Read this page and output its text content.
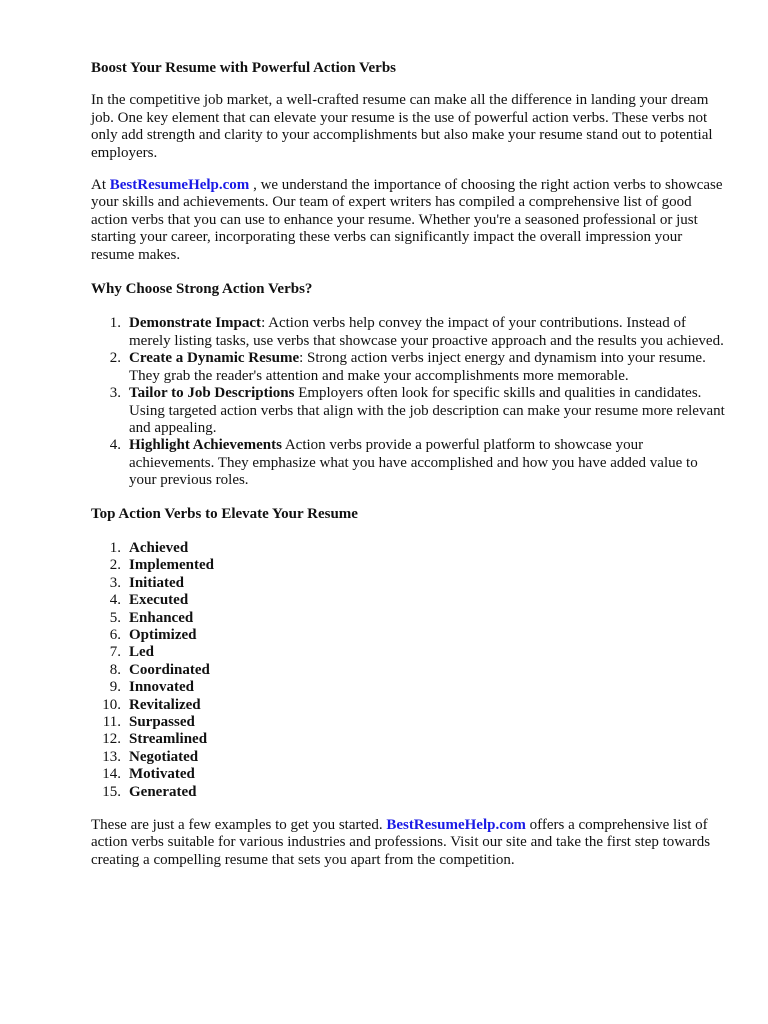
Boost Your Resume with Powerful Action Verbs

In the competitive job market, a well-crafted resume can make all the difference in landing your dream job. One key element that can elevate your resume is the use of powerful action verbs. These verbs not only add strength and clarity to your accomplishments but also make your resume stand out to potential employers.

At BestResumeHelp.com , we understand the importance of choosing the right action verbs to showcase your skills and achievements. Our team of expert writers has compiled a comprehensive list of good action verbs that you can use to enhance your resume. Whether you're a seasoned professional or just starting your career, incorporating these verbs can significantly impact the overall impression your resume makes.

Why Choose Strong Action Verbs?

1. Demonstrate Impact: Action verbs help convey the impact of your contributions. Instead of merely listing tasks, use verbs that showcase your proactive approach and the results you achieved.
2. Create a Dynamic Resume: Strong action verbs inject energy and dynamism into your resume. They grab the reader's attention and make your accomplishments more memorable.
3. Tailor to Job Descriptions Employers often look for specific skills and qualities in candidates. Using targeted action verbs that align with the job description can make your resume more relevant and appealing.
4. Highlight Achievements Action verbs provide a powerful platform to showcase your achievements. They emphasize what you have accomplished and how you have added value to your previous roles.

Top Action Verbs to Elevate Your Resume

1. Achieved
2. Implemented
3. Initiated
4. Executed
5. Enhanced
6. Optimized
7. Led
8. Coordinated
9. Innovated
10. Revitalized
11. Surpassed
12. Streamlined
13. Negotiated
14. Motivated
15. Generated

These are just a few examples to get you started. BestResumeHelp.com offers a comprehensive list of action verbs suitable for various industries and professions. Visit our site and take the first step towards creating a compelling resume that sets you apart from the competition.
